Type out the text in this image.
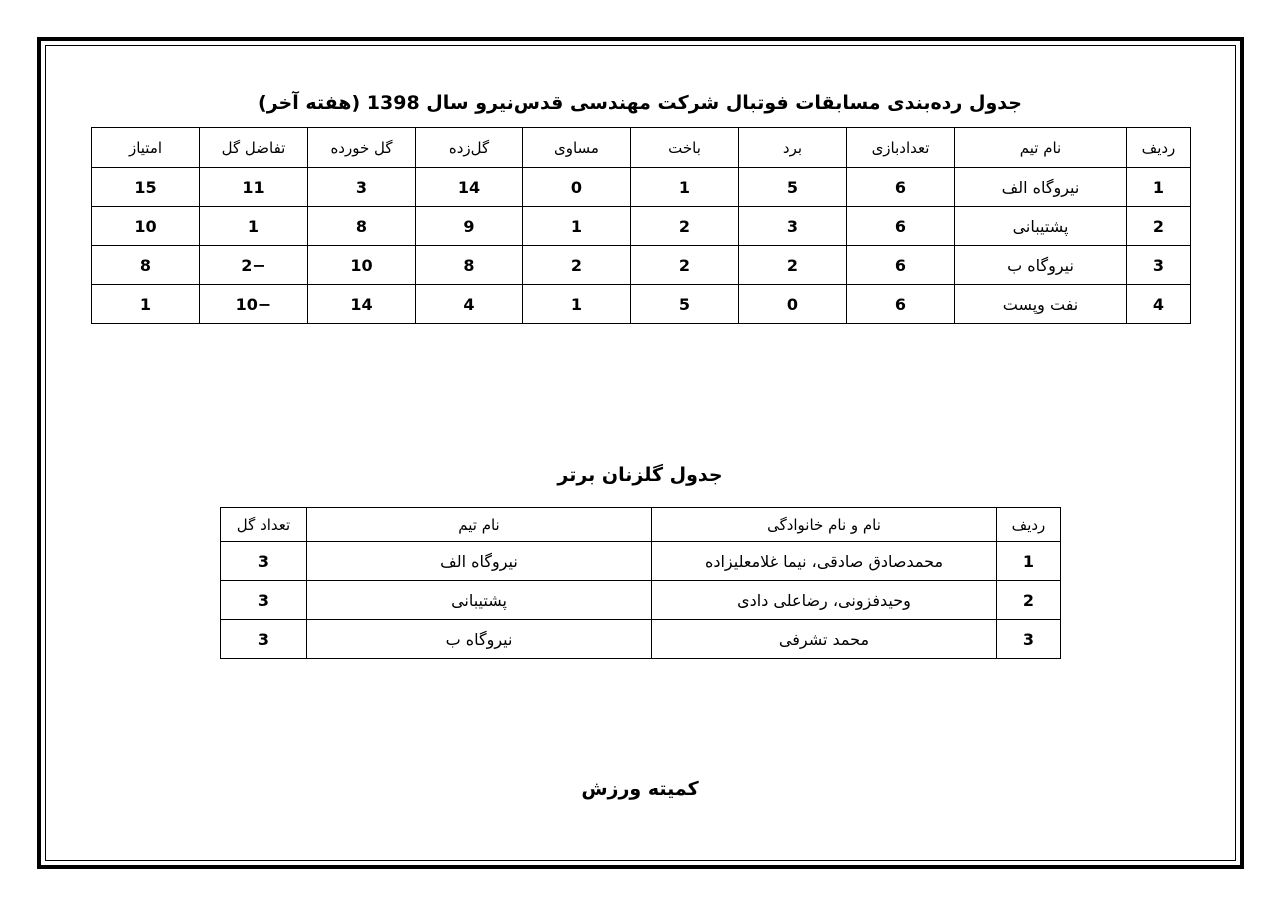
جدول رده‌بندی مسابقات فوتبال شرکت مهندسی قدس‌نیرو سال 1398 (هفته آخر)
ردیف	نام تیم	تعدادبازی	برد	باخت	مساوی	گل‌زده	گل خورده	تفاضل گل	امتیاز
1	نیروگاه الف	6	5	1	0	14	3	11	15
2	پشتیبانی	6	3	2	1	9	8	1	10
3	نیروگاه ب	6	2	2	2	8	10	−2	8
4	نفت وپست	6	0	5	1	4	14	−10	1
جدول گلزنان برتر
ردیف	نام و نام خانوادگی	نام تیم	تعداد گل
1	محمدصادق صادقی، نیما غلامعلیزاده	نیروگاه الف	3
2	وحیدفزونی، رضاعلی دادی	پشتیبانی	3
3	محمد تشرفی	نیروگاه ب	3
کمیته ورزش
